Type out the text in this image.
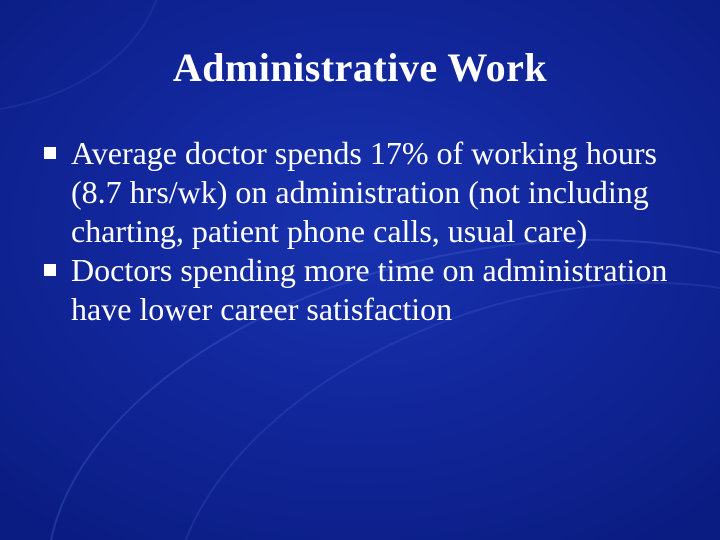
Administrative Work
Average doctor spends 17% of working hours (8.7 hrs/wk) on administration (not including charting, patient phone calls, usual care)
Doctors spending more time on administration have lower career satisfaction
